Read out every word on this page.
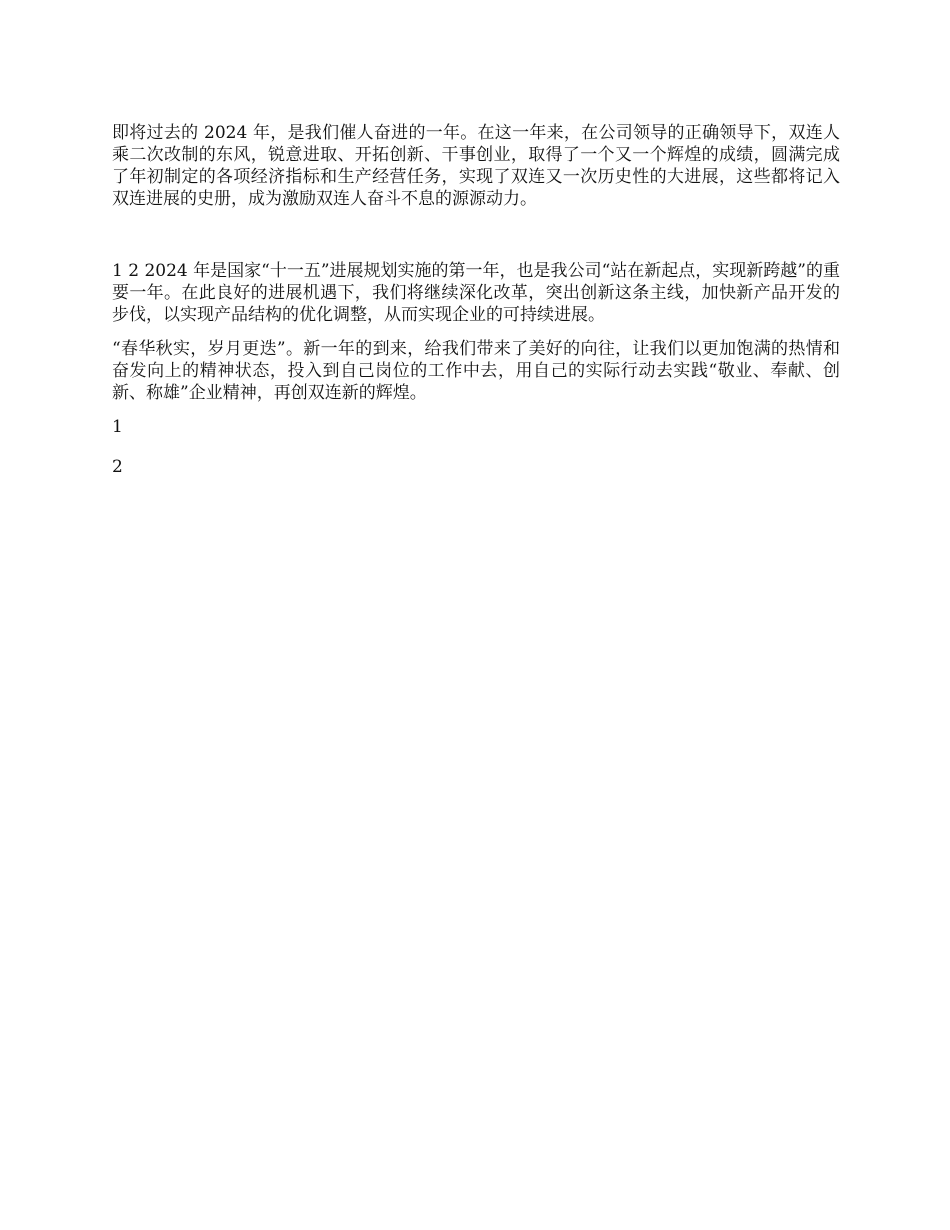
即将过去的 2024 年，是我们催人奋进的一年。在这一年来，在公司领导的正确领导下，双连人乘二次改制的东风，锐意进取、开拓创新、干事创业，取得了一个又一个辉煌的成绩，圆满完成了年初制定的各项经济指标和生产经营任务，实现了双连又一次历史性的大进展，这些都将记入双连进展的史册，成为激励双连人奋斗不息的源源动力。

1 2 2024 年是国家“十一五”进展规划实施的第一年，也是我公司“站在新起点，实现新跨越”的重要一年。在此良好的进展机遇下，我们将继续深化改革，突出创新这条主线，加快新产品开发的步伐，以实现产品结构的优化调整，从而实现企业的可持续进展。

“春华秋实，岁月更迭”。新一年的到来，给我们带来了美好的向往，让我们以更加饱满的热情和奋发向上的精神状态，投入到自己岗位的工作中去，用自己的实际行动去实践“敬业、奉献、创新、称雄”企业精神，再创双连新的辉煌。

1

2
